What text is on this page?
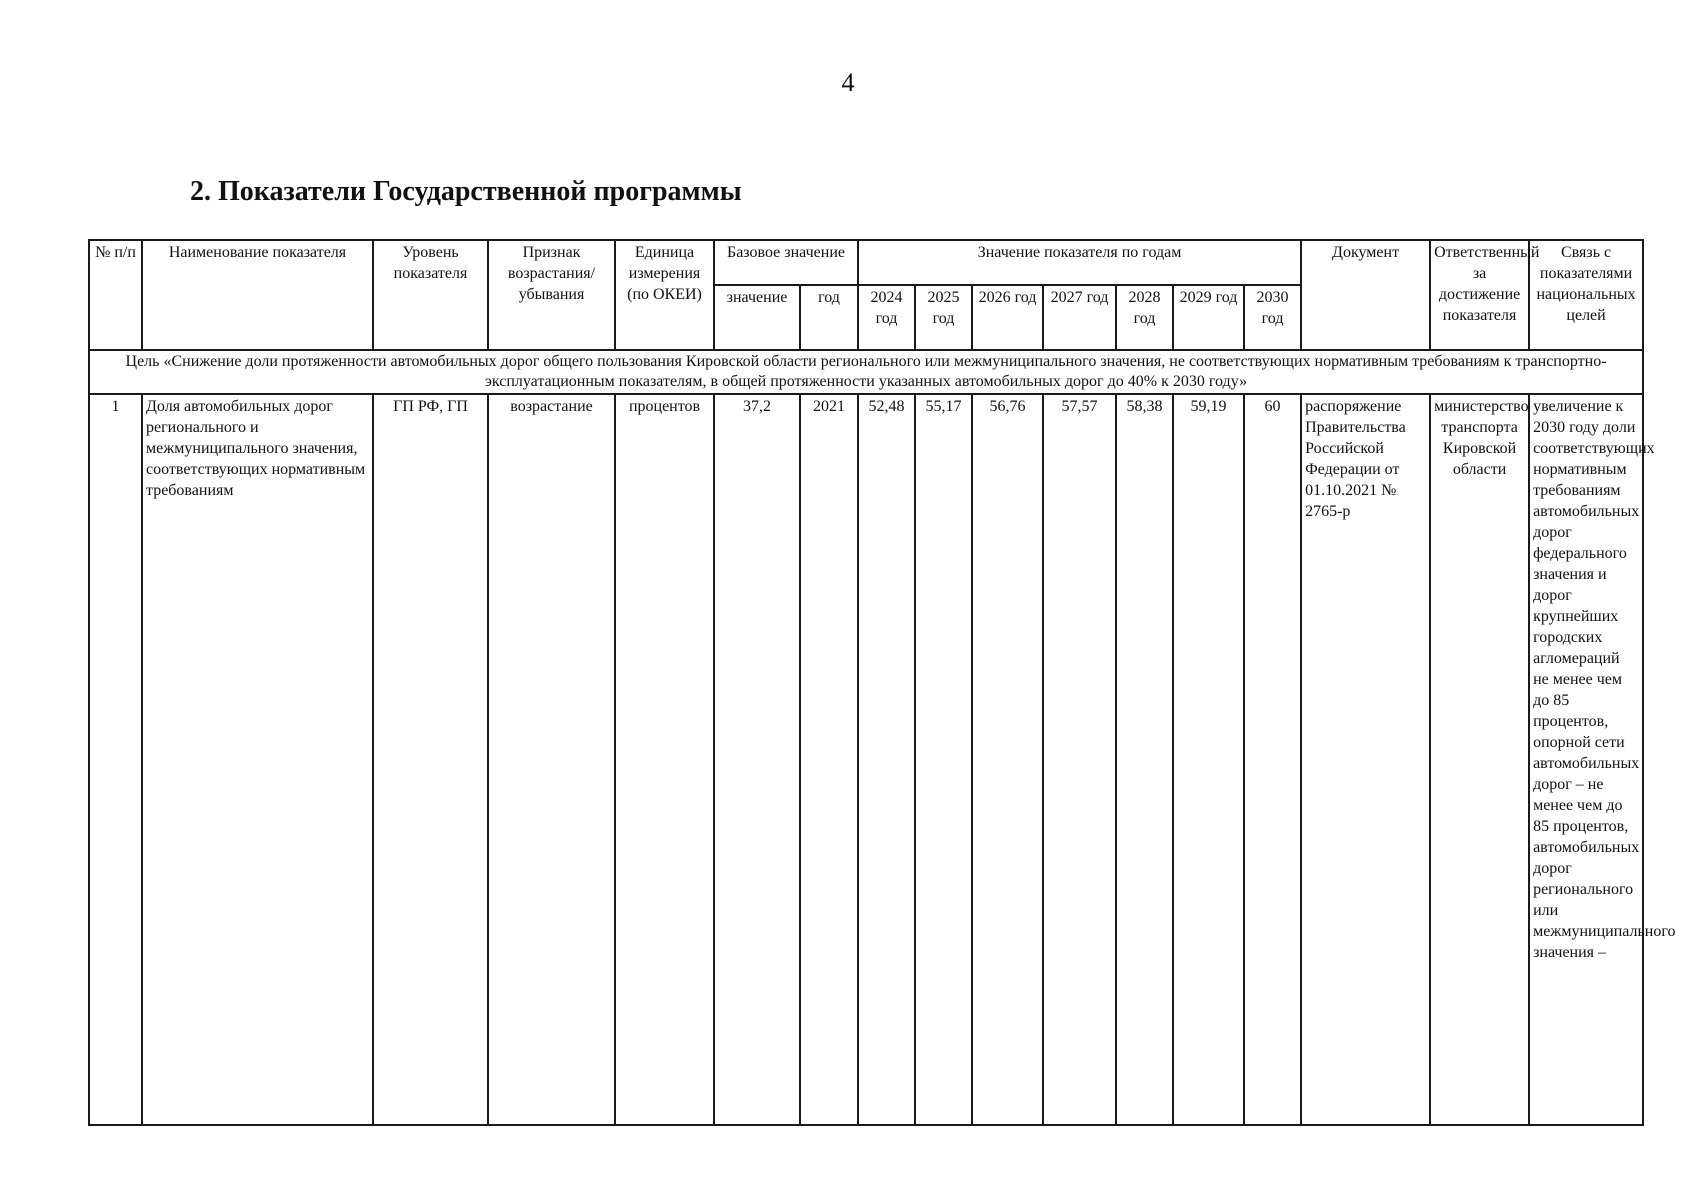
4
2. Показатели Государственной программы
№ п/п	Наименование показателя	Уровень показателя	Признак возрастания/убывания	Единица измерения (по ОКЕИ)	Базовое значение		Значение показателя по годам							Документ	Ответственный за достижение показателя	Связь с показателями национальных целей
					значение	год	2024 год	2025 год	2026 год	2027 год	2028 год	2029 год	2030 год			
Цель «Снижение доли протяженности автомобильных дорог общего пользования Кировской области регионального или межмуниципального значения, не соответствующих нормативным требованиям к транспортно-эксплуатационным показателям, в общей протяженности указанных автомобильных дорог до 40% к 2030 году»																
1	Доля автомобильных дорог регионального и межмуниципального значения, соответствующих нормативным требованиям	ГП РФ, ГП	возрастание	процентов	37,2	2021	52,48	55,17	56,76	57,57	58,38	59,19	60	распоряжение Правительства Российской Федерации от 01.10.2021 № 2765-р	министерство транспорта Кировской области	увеличение к 2030 году доли соответствующих нормативным требованиям автомобильных дорог федерального значения и дорог крупнейших городских агломераций не менее чем до 85 процентов, опорной сети автомобильных дорог – не менее чем до 85 процентов, автомобильных дорог регионального или межмуниципального значения –
